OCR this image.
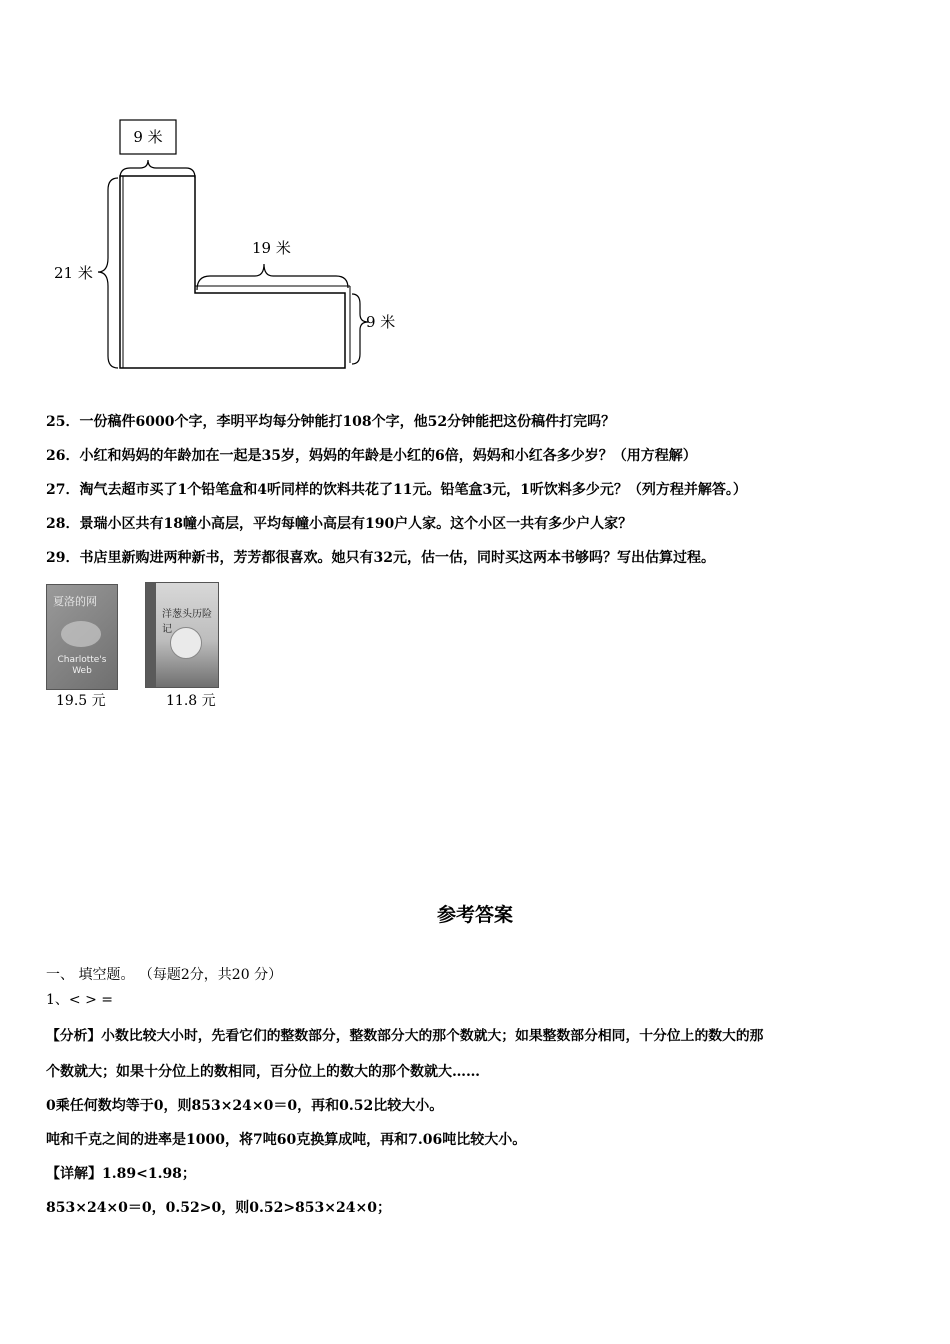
9 米
21 米
19 米
9 米
25．一份稿件6000个字，李明平均每分钟能打108个字，他52分钟能把这份稿件打完吗？
26．小红和妈妈的年龄加在一起是35岁，妈妈的年龄是小红的6倍，妈妈和小红各多少岁？（用方程解）
27．淘气去超市买了1个铅笔盒和4听同样的饮料共花了11元。铅笔盒3元，1听饮料多少元？（列方程并解答。）
28．景瑞小区共有18幢小高层，平均每幢小高层有190户人家。这个小区一共有多少户人家？
29．书店里新购进两种新书，芳芳都很喜欢。她只有32元，估一估，同时买这两本书够吗？写出估算过程。
夏洛的网
Charlotte's Web
19.5 元
洋葱头历险记
11.8 元
参考答案
一、 填空题。 （每题2分，共20 分）
1、< > =
【分析】小数比较大小时，先看它们的整数部分，整数部分大的那个数就大；如果整数部分相同，十分位上的数大的那
个数就大；如果十分位上的数相同，百分位上的数大的那个数就大……
0乘任何数均等于0，则853×24×0＝0，再和0.52比较大小。
吨和千克之间的进率是1000，将7吨60克换算成吨，再和7.06吨比较大小。
【详解】1.89<1.98；
853×24×0＝0，0.52>0，则0.52>853×24×0；
